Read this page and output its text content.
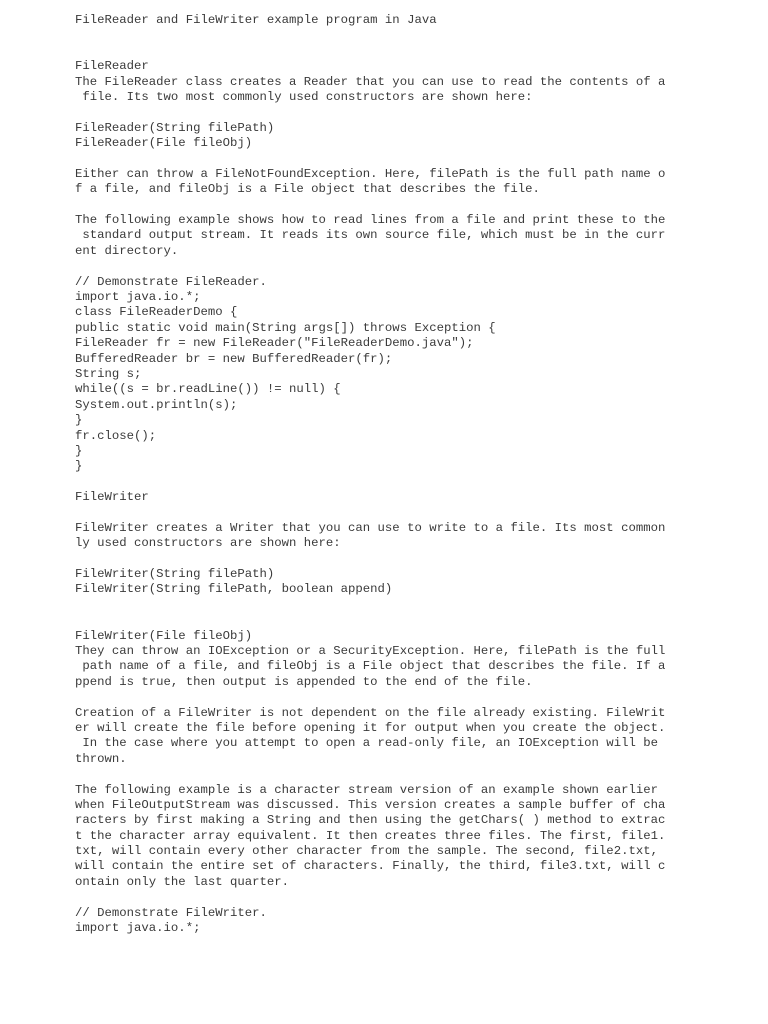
FileReader and FileWriter example program in Java
FileReader
The FileReader class creates a Reader that you can use to read the contents of a
file. Its two most commonly used constructors are shown here:
FileReader(String filePath)
FileReader(File fileObj)
Either can throw a FileNotFoundException. Here, filePath is the full path name o
f a file, and fileObj is a File object that describes the file.
The following example shows how to read lines from a file and print these to the
standard output stream. It reads its own source file, which must be in the curr
ent directory.
// Demonstrate FileReader.
import java.io.*;
class FileReaderDemo {
public static void main(String args[]) throws Exception {
FileReader fr = new FileReader("FileReaderDemo.java");
BufferedReader br = new BufferedReader(fr);
String s;
while((s = br.readLine()) != null) {
System.out.println(s);
}
fr.close();
}
}
FileWriter
FileWriter creates a Writer that you can use to write to a file. Its most common
ly used constructors are shown here:
FileWriter(String filePath)
FileWriter(String filePath, boolean append)
FileWriter(File fileObj)
They can throw an IOException or a SecurityException. Here, filePath is the full
path name of a file, and fileObj is a File object that describes the file. If a
ppend is true, then output is appended to the end of the file.
Creation of a FileWriter is not dependent on the file already existing. FileWrit
er will create the file before opening it for output when you create the object.
In the case where you attempt to open a read-only file, an IOException will be
thrown.
The following example is a character stream version of an example shown earlier
when FileOutputStream was discussed. This version creates a sample buffer of cha
racters by first making a String and then using the getChars( ) method to extrac
t the character array equivalent. It then creates three files. The first, file1.
txt, will contain every other character from the sample. The second, file2.txt,
will contain the entire set of characters. Finally, the third, file3.txt, will c
ontain only the last quarter.
// Demonstrate FileWriter.
import java.io.*;
